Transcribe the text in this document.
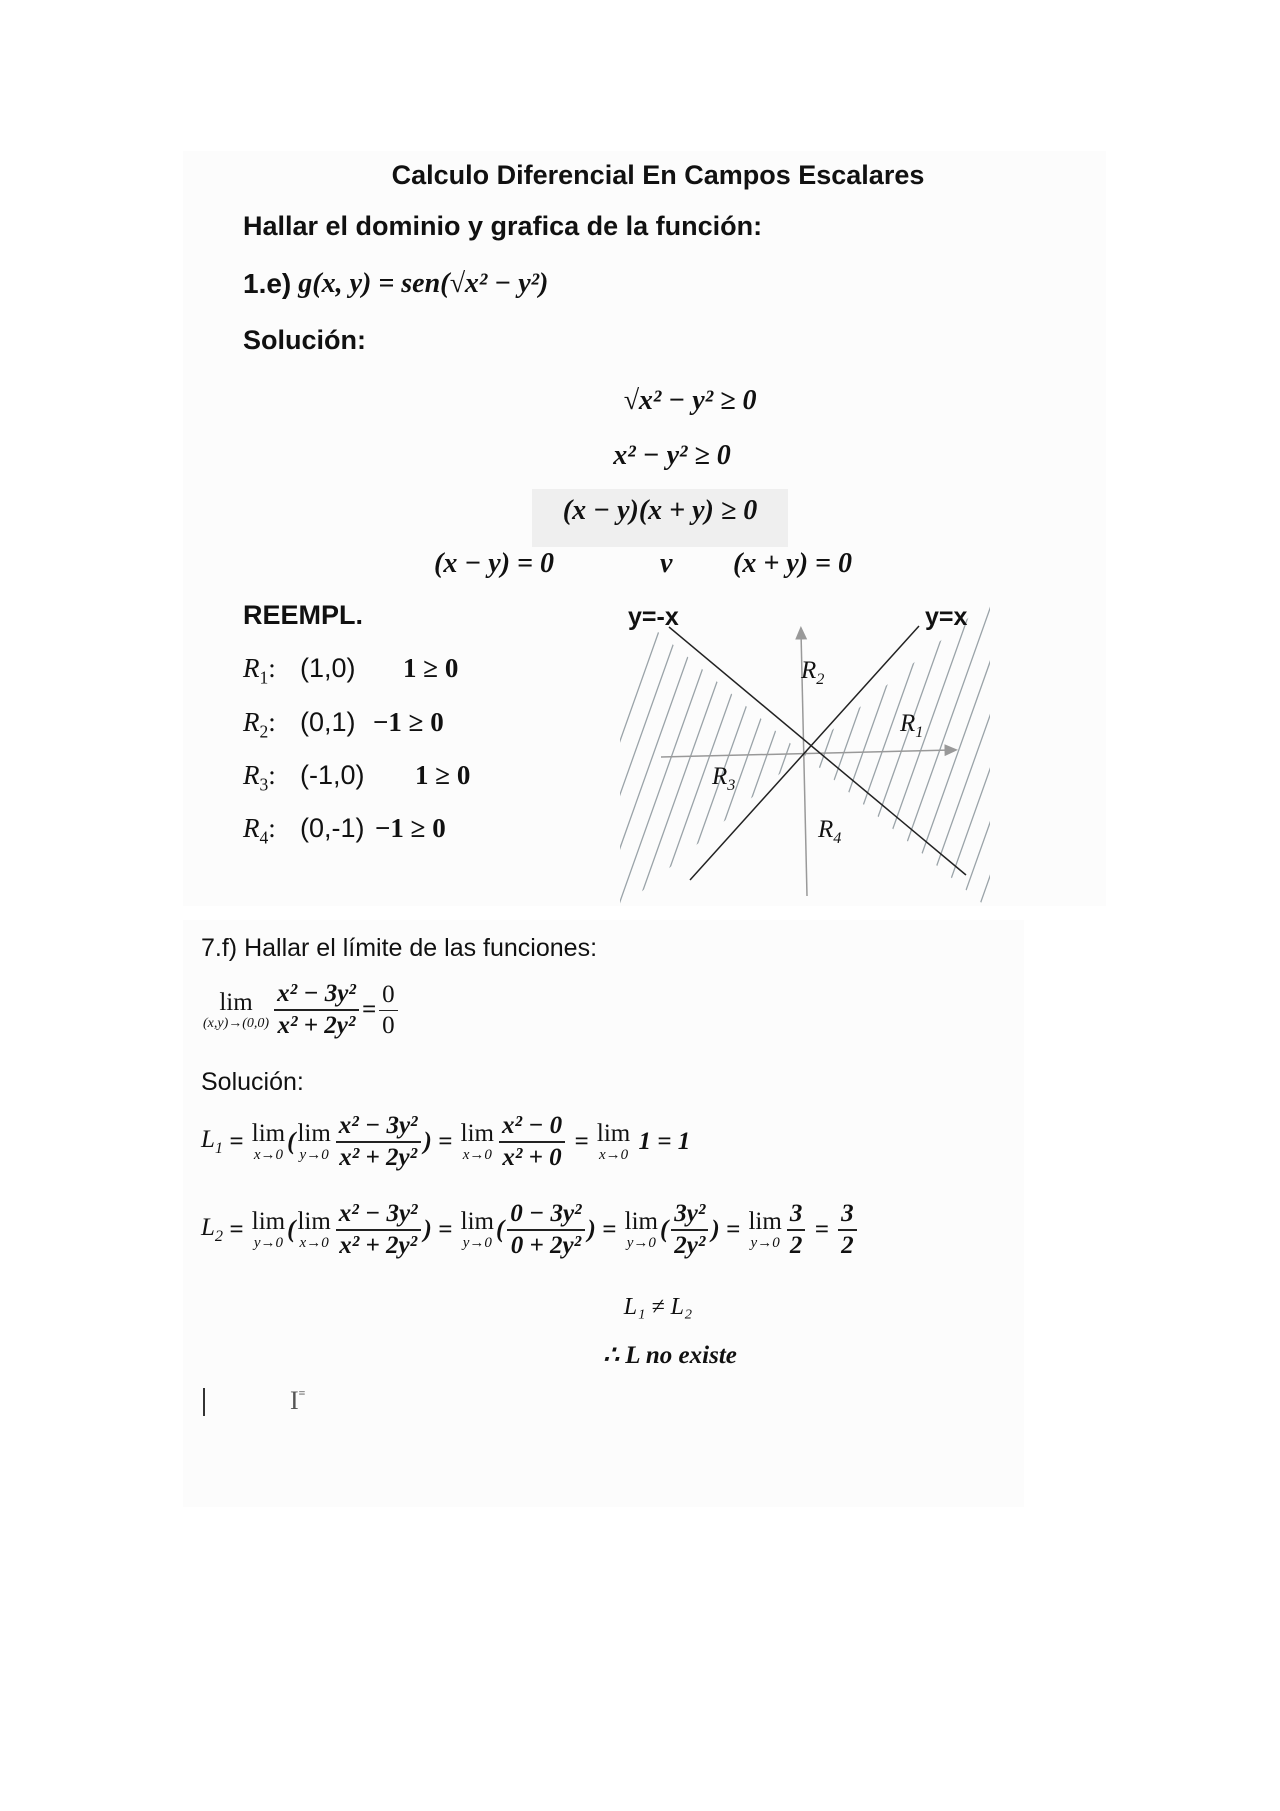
Calculo Diferencial En Campos Escalares
Hallar el dominio y grafica de la función:
1.e)
g(x, y) = sen(√x² − y²)
Solución:
√x² − y² ≥ 0
x² − y² ≥ 0
(x − y)(x + y) ≥ 0
(x − y) = 0	v (x + y) = 0
REEMPL.
$R_1$: (1,0) 1 ≥ 0
$R_2$: (0,1) −1 ≥ 0
$R_3$: (-1,0) 1 ≥ 0
$R_4$: (0,-1) −1 ≥ 0
y=-x	y=x
$R_2$
$R_1$
$R_3$
$R_4$
7.f) Hallar el límite de las funciones:
lim
$(x,y)\to(0,0) \frac{\text{x² − 3y²}}{\text{x² + 2y²}} = \frac{0}{0}$
Solución:
$L_1 = \lim$
x→0 ( lim
$y\to 0 \frac{\text{x² − 3y²}}{\text{x² + 2y²}}$ ) = lim
$x\to 0 \frac{\text{x² − 0}}{\text{x² + 0}} = \lim$
x→0
1 = 1
$L_2 = \lim$
y→0 ( lim
$x\to 0 \frac{\text{x² − 3y²}}{\text{x² + 2y²}}$ ) = lim
y→0 ( $\frac{\text{0 − 3y²}}{\text{0 + 2y²}}$ ) = lim
y→0 ( $\frac{\text{3y²}}{\text{2y²}}$ ) = lim
$y\to 0 \frac{3}{2} = \frac{3}{2}$
L₁ ≠ L₂
∴ L no existe
I≡
